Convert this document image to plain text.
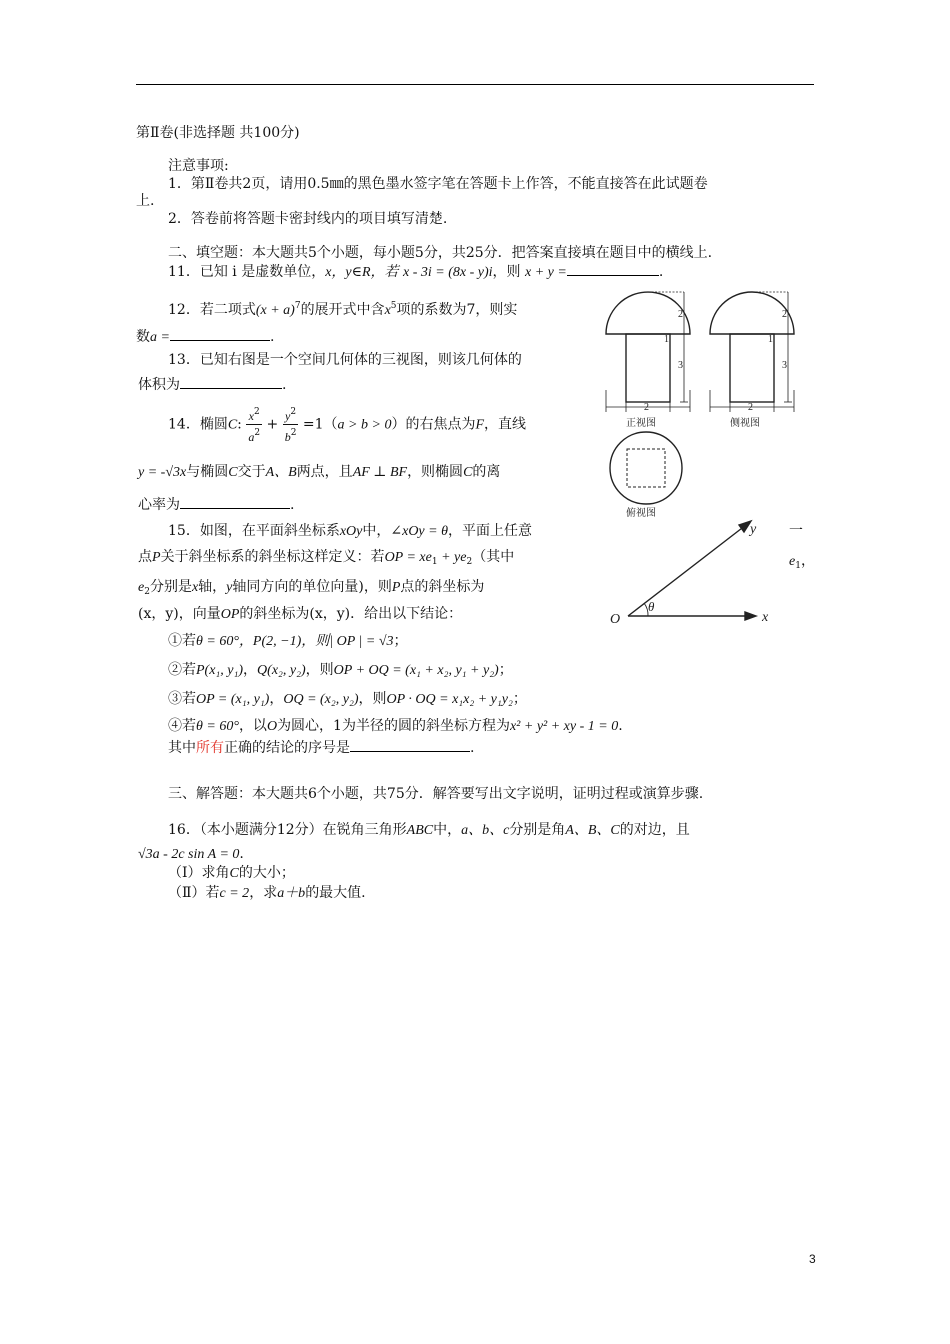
第Ⅱ卷(非选择题 共100分)
注意事项:
1．第Ⅱ卷共2页，请用0.5㎜的黑色墨水签字笔在答题卡上作答，不能直接答在此试题卷
上.
2．答卷前将答题卡密封线内的项目填写清楚.
二、填空题：本大题共5个小题，每小题5分，共25分．把答案直接填在题目中的横线上.
11．已知 i 是虚数单位，x，y∈R，若 x - 3i = (8x - y)i，则 x + y =	.
12．若二项式$(x + a)^7$的展开式中含$x^5$项的系数为7，则实
数a =	.
13．已知右图是一个空间几何体的三视图，则该几何体的
体积为	.
14．椭圆C: $\frac{x^2}{a^2} + \frac{y^2}{b^2} =1(a > b > 0)$的右焦点为F，直线
y = -√3x与椭圆C交于A、B两点，且AF ⊥ BF，则椭圆C的离
心率为	.
15．如图，在平面斜坐标系xOy中，∠xOy = θ，平面上任意
点P关于斜坐标系的斜坐标这样定义：若OP = $xe_1 + ye_2$（其中
$e_2$分别是x轴，y轴同方向的单位向量)，则P点的斜坐标为
(x，y)，向量OP的斜坐标为(x，y)．给出以下结论：
①若θ = 60°，P(2, −1)，则| OP | = √3；
②若P(x₁, y₁)，Q(x₂, y₂)，则OP + OQ = (x₁ + x₂, y₁ + y₂)；
③若OP = (x₁, y₁)，OQ = (x₂, y₂)，则OP · OQ = x₁x₂ + y₁y₂；
④若θ = 60°，以O为圆心，1为半径的圆的斜坐标方程为x² + y² + xy - 1 = 0.
其中所有正确的结论的序号是	.
一
$e_1$，
三、解答题：本大题共6个小题，共75分．解答要写出文字说明，证明过程或演算步骤.
16．（本小题满分12分）在锐角三角形ABC中，a、b、c分别是角A、B、C的对边，且
√3a - 2c sin A = 0.
（Ⅰ）求角C的大小；
（Ⅱ）若c = 2，求a＋b的最大值.
2
3
1
2
正视图
2
3
1
2
侧视图
俯视图
O
θ
x
y
3
